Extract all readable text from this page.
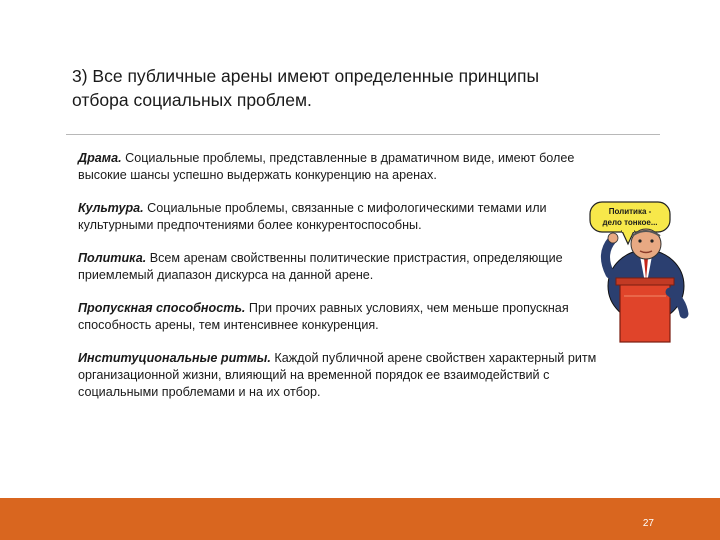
3) Все публичные арены имеют определенные принципы
отбора социальных проблем.

Драма. Социальные проблемы, представленные в драматичном виде, имеют более высокие шансы успешно выдержать конкуренцию на аренах.

Культура. Социальные проблемы, связанные с мифологическими темами или культурными предпочтениями более конкурентоспособны.

Политика. Всем аренам свойственны политические пристрастия, определяющие приемлемый диапазон дискурса на данной арене.

Пропускная способность. При прочих равных условиях, чем меньше пропускная способность арены, тем интенсивнее конкуренция.

Институциональные ритмы. Каждой публичной арене свойствен характерный ритм организационной жизни, влияющий на временной порядок ее взаимодействий с социальными проблемами и на их отбор.

Политика -
дело тонкое...
27
